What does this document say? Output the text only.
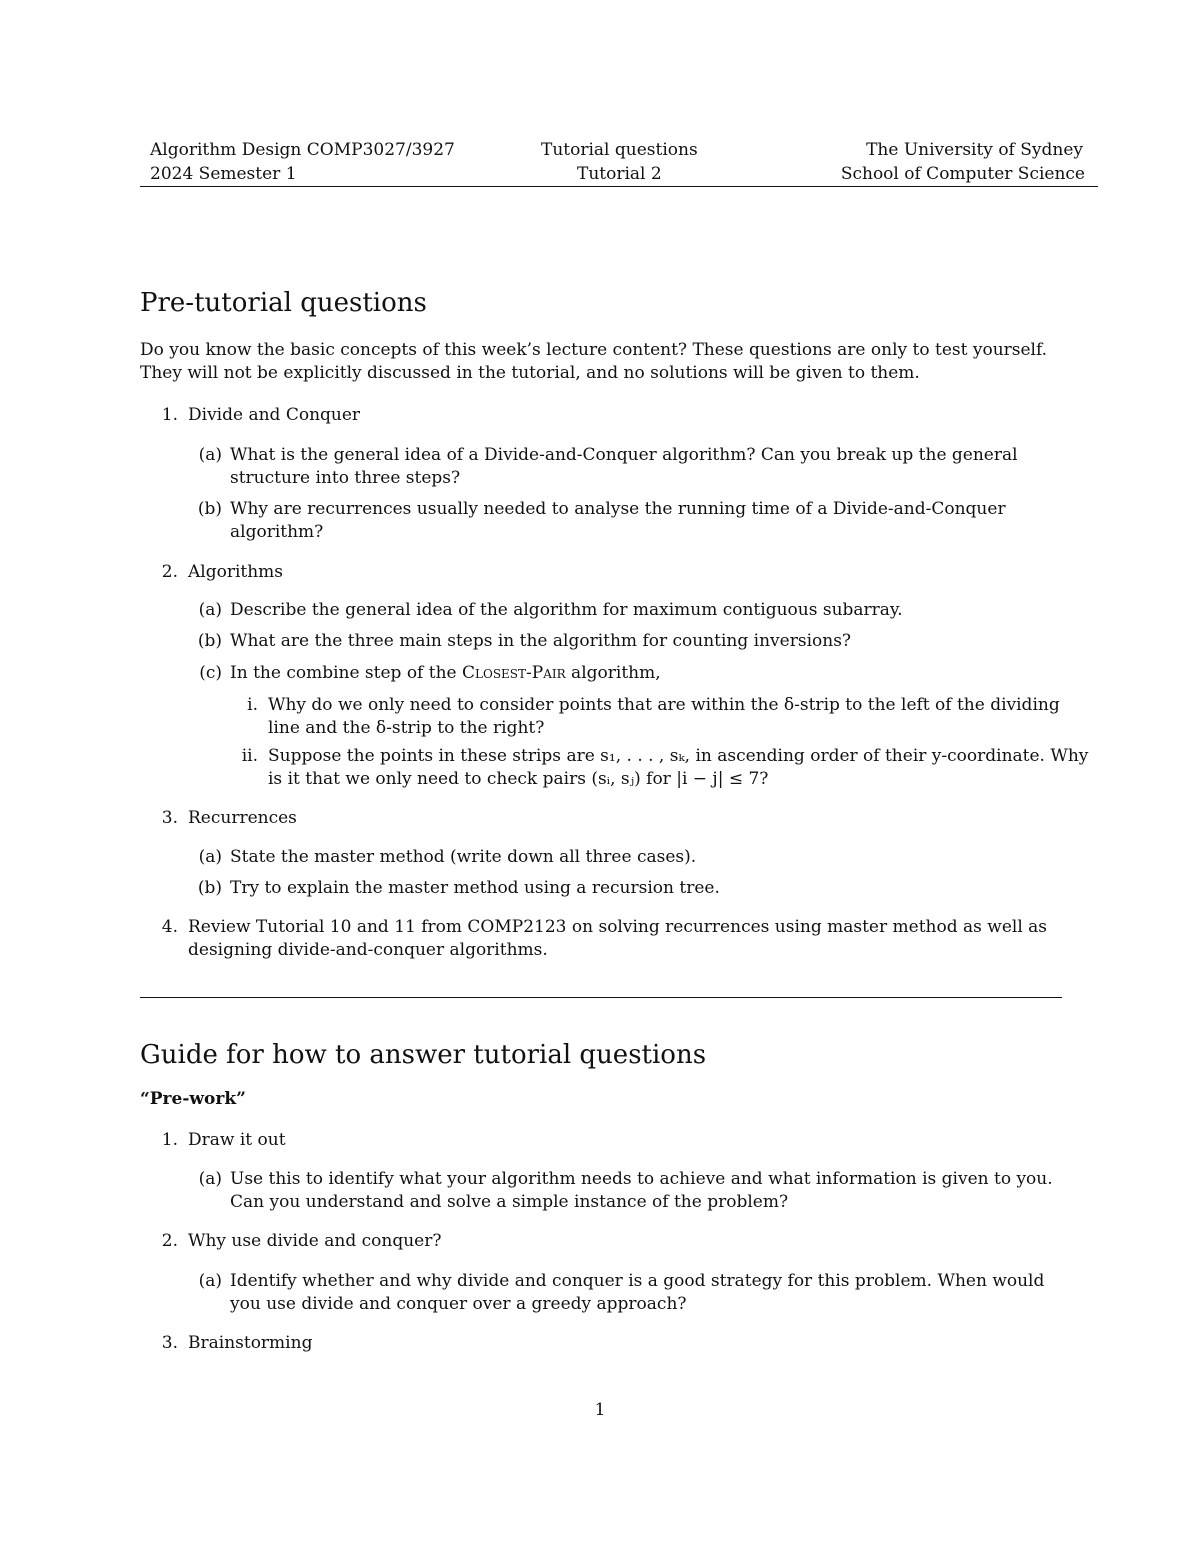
Algorithm Design COMP3027/3927
2024 Semester 1
Tutorial questions
Tutorial 2
The University of Sydney
School of Computer Science
Pre-tutorial questions
Do you know the basic concepts of this week’s lecture content? These questions are only to test yourself. They will not be explicitly discussed in the tutorial, and no solutions will be given to them.
1. Divide and Conquer
(a) What is the general idea of a Divide-and-Conquer algorithm? Can you break up the general structure into three steps?
(b) Why are recurrences usually needed to analyse the running time of a Divide-and-Conquer algorithm?
2. Algorithms
(a) Describe the general idea of the algorithm for maximum contiguous subarray.
(b) What are the three main steps in the algorithm for counting inversions?
(c) In the combine step of the Closest-Pair algorithm,
i. Why do we only need to consider points that are within the δ-strip to the left of the dividing line and the δ-strip to the right?
ii. Suppose the points in these strips are s₁, . . . , sₖ, in ascending order of their y-coordinate. Why
is it that we only need to check pairs (sᵢ, sⱼ) for |i − j| ≤ 7?
3. Recurrences
(a) State the master method (write down all three cases).
(b) Try to explain the master method using a recursion tree.
4. Review Tutorial 10 and 11 from COMP2123 on solving recurrences using master method as well as designing divide-and-conquer algorithms.
Guide for how to answer tutorial questions
“Pre-work”
1. Draw it out
(a) Use this to identify what your algorithm needs to achieve and what information is given to you. Can you understand and solve a simple instance of the problem?
2. Why use divide and conquer?
(a) Identify whether and why divide and conquer is a good strategy for this problem. When would you use divide and conquer over a greedy approach?
3. Brainstorming
1
